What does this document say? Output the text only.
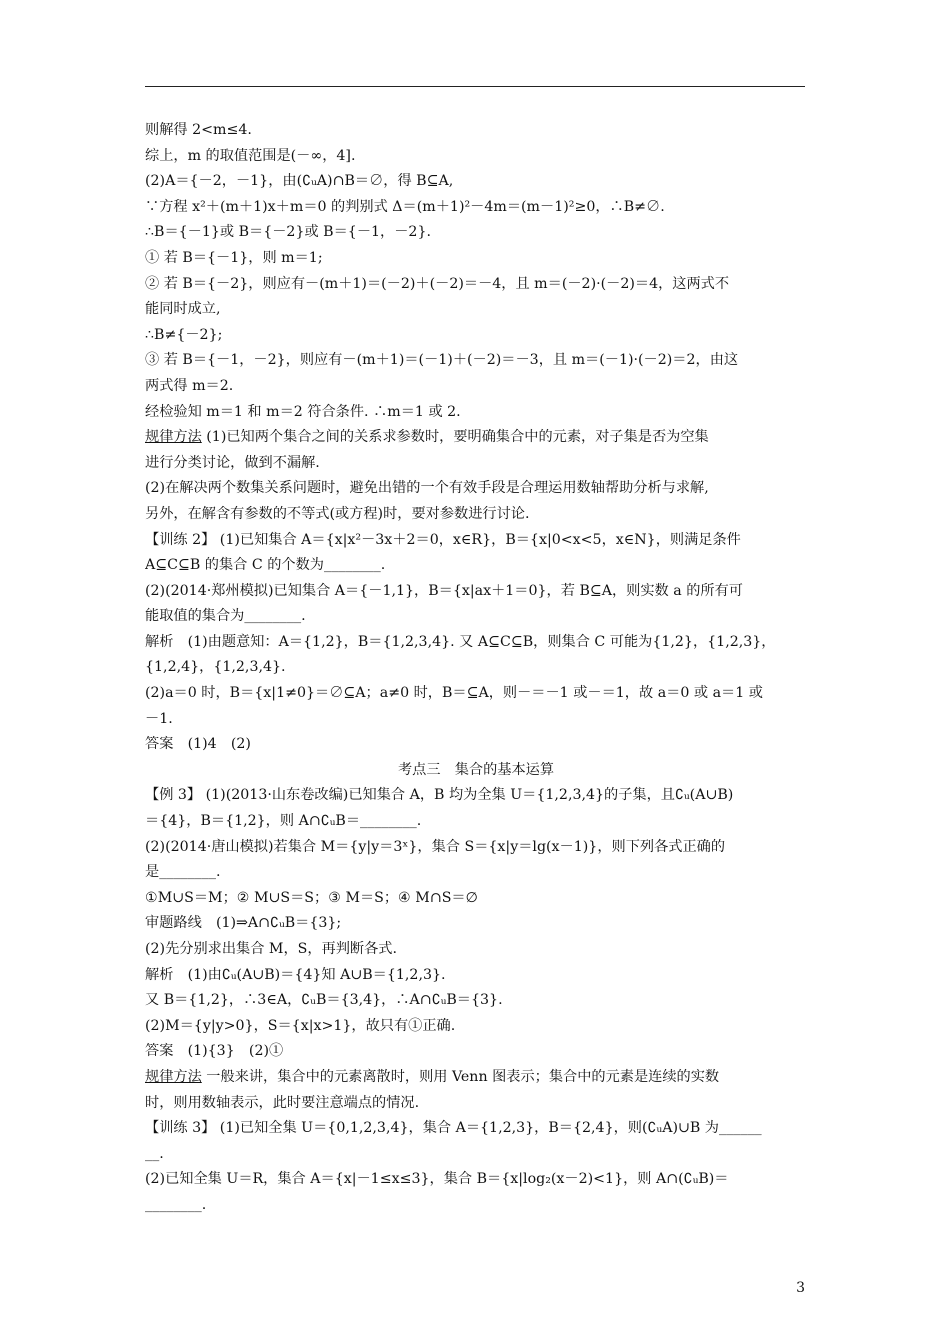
则解得 2<m≤4.
综上，m 的取值范围是(－∞，4].
(2)A＝{－2，－1}，由(∁ᵤA)∩B＝∅，得 B⊆A,
∵方程 x²＋(m＋1)x＋m＝0 的判别式 Δ＝(m＋1)²－4m＝(m－1)²≥0，∴B≠∅.
∴B＝{－1}或 B＝{－2}或 B＝{－1，－2}.
① 若 B＝{－1}，则 m＝1;
② 若 B＝{－2}，则应有－(m＋1)＝(－2)＋(－2)＝－4，且 m＝(－2)·(－2)＝4，这两式不
能同时成立,
∴B≠{－2};
③ 若 B＝{－1，－2}，则应有－(m＋1)＝(－1)＋(－2)＝－3，且 m＝(－1)·(－2)＝2，由这
两式得 m＝2.
经检验知 m＝1 和 m＝2 符合条件. ∴m＝1 或 2.
规律方法 (1)已知两个集合之间的关系求参数时，要明确集合中的元素，对子集是否为空集
进行分类讨论，做到不漏解.
(2)在解决两个数集关系问题时，避免出错的一个有效手段是合理运用数轴帮助分析与求解,
另外，在解含有参数的不等式(或方程)时，要对参数进行讨论.
【训练 2】 (1)已知集合 A＝{x|x²－3x＋2＝0，x∈R}，B＝{x|0<x<5，x∈N}，则满足条件
A⊆C⊆B 的集合 C 的个数为________.
(2)(2014·郑州模拟)已知集合 A＝{－1,1}，B＝{x|ax＋1＝0}，若 B⊆A，则实数 a 的所有可
能取值的集合为________.
解析　(1)由题意知：A＝{1,2}，B＝{1,2,3,4}. 又 A⊆C⊆B，则集合 C 可能为{1,2}，{1,2,3}，
{1,2,4}，{1,2,3,4}.
(2)a＝0 时，B＝{x|1≠0}＝∅⊆A；a≠0 时，B＝⊆A，则－＝－1 或－＝1，故 a＝0 或 a＝1 或
－1.
答案　(1)4　(2)
考点三　集合的基本运算
【例 3】 (1)(2013·山东卷改编)已知集合 A，B 均为全集 U＝{1,2,3,4}的子集，且∁ᵤ(A∪B)
＝{4}，B＝{1,2}，则 A∩∁ᵤB＝________.
(2)(2014·唐山模拟)若集合 M＝{y|y＝3ˣ}，集合 S＝{x|y＝lg(x－1)}，则下列各式正确的
是________.
①M∪S＝M；② M∪S＝S；③ M＝S；④ M∩S＝∅
审题路线　(1)⇒A∩∁ᵤB＝{3};
(2)先分别求出集合 M，S，再判断各式.
解析　(1)由∁ᵤ(A∪B)＝{4}知 A∪B＝{1,2,3}.
又 B＝{1,2}，∴3∈A，∁ᵤB＝{3,4}，∴A∩∁ᵤB＝{3}.
(2)M＝{y|y>0}，S＝{x|x>1}，故只有①正确.
答案　(1){3}　(2)①
规律方法 一般来讲，集合中的元素离散时，则用 Venn 图表示；集合中的元素是连续的实数
时，则用数轴表示，此时要注意端点的情况.
【训练 3】 (1)已知全集 U＝{0,1,2,3,4}，集合 A＝{1,2,3}，B＝{2,4}，则(∁ᵤA)∪B 为______
__.
(2)已知全集 U＝R，集合 A＝{x|－1≤x≤3}，集合 B＝{x|log₂(x－2)<1}，则 A∩(∁ᵤB)＝
________.
3
